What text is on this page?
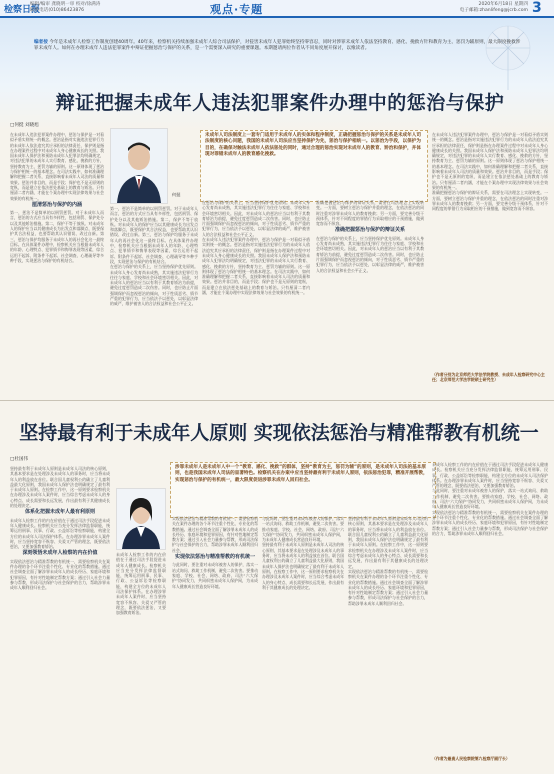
检察日报
编辑/编审 龚晓明一审 校对/徐满涛
联系电话(010)86423876	观点·专题	2020年6月18日 星期四
电子邮箱:zhanlifeng@jcrb.com 3
编者按 今年是未成年人检察工作制度创建40周年。40年来，检察机关持续加强未成年人综合司法保护，对侵害未成年人犯罪始终坚持零容忍，同时对涉罪未成年人依法坚持教育、感化、挽救方针和教育为主、惩罚为辅原则，最大限度挽救涉罪未成年人。如何在办理未成年人违法犯罪案件中辩证把握惩治与保护的关系，是一个需要深入研究的重要课题。本期邀请两位作者从不同角度展开探讨，以飨读者。
辩证把握未成年人违法犯罪案件办理中的惩治与保护
□何挺 刘晓旭
何挺
未成年人司法制度上一套专门适用于未成年人的实体和程序制度，正确把握惩治与保护的关系是未成年人司法制度的核心问题，我国的未成年人司法应当坚持保护为先，惩治与保护相统一。以惩治为手段，以保护为目的，在确保对触法未成年人依法惩处的同时，通过合理的惩治实现对未成年人的教育、矫治和保护，并体现对罪错未成年人的教育感化挽救。
在未成年人违法犯罪案件办理中，惩治与保护是一对看似矛盾实则统一的概念。惩治是指对实施违法犯罪行为的未成年人依法追究其应承担的法律责任，保护则是指在办理案件过程中对未成年人身心健康成长的关照。我国未成年人保护法和预防未成年人犯罪法均明确规定，对违法犯罪的未成年人实行教育、感化、挽救的方针，坚持教育为主、惩罚为辅的原则。这一原则体现了惩治与保护相统一的基本理念。在司法实践中，如何准确理解和把握二者关系，直接影响着未成年人司法的质量和效果。惩治并非目的，而是手段；保护也不是无原则的宽纵，而是建立在依法惩处基础上的教育与矫治。只有厘清二者内涵，才能在个案办理中实现法律效果与社会效果的有机统一。
厘清惩治与保护的内涵
第一，惩治不是简单的以刑罚惩罚。对于未成年人而言，惩治的方式应当具有多样性，包括刑罚、保护处分以及其他矫治措施。第二，保护不等于放纵。对未成年人的保护应当以其健康成长为出发点和落脚点，既要保护其合法权益，也要帮助其认识错误、改过自新。第三，惩治与保护均服务于未成年人的再社会化这一最终目标。在具体案件办理中，检察机关应当根据未成年人的年龄、心理特点、犯罪情节和悔罪表现等因素，综合运用不起诉、附条件不起诉、社会调查、心理疏导等多种手段，实现惩治与保护的有机结合。
第一，惩治不是简单的以刑罚惩罚。对于未成年人而言，惩治的方式应当具有多样性，包括刑罚、保护处分以及其他矫治措施。第二，保护不等于放纵。对未成年人的保护应当以其健康成长为出发点和落脚点，既要保护其合法权益，也要帮助其认识错误、改过自新。第三，惩治与保护均服务于未成年人的再社会化这一最终目标。在具体案件办理中，检察机关应当根据未成年人的年龄、心理特点、犯罪情节和悔罪表现等因素，综合运用不起诉、附条件不起诉、社会调查、心理疏导等多种手段，实现惩治与保护的有机结合。
在惩治与保护的关系上，应当坚持保护优先原则。未成年人身心发育尚未成熟，其实施违法犯罪行为往往与家庭、学校和社会环境密切相关。因此，对未成年人的惩治应当以有利于其教育矫治为前提，避免过度惩罚造成二次伤害。同时，也应防止片面强调保护而忽视惩治的倾向，对于性质恶劣、情节严重的犯罪行为，应当依法予以惩处，以彰显法律的威严，维护被害人的合法权益和社会公平正义。
在惩治与保护的关系上，应当坚持保护优先原则。未成年人身心发育尚未成熟，其实施违法犯罪行为往往与家庭、学校和社会环境密切相关。因此，对未成年人的惩治应当以有利于其教育矫治为前提，避免过度惩罚造成二次伤害。同时，也应防止片面强调保护而忽视惩治的倾向，对于性质恶劣、情节严重的犯罪行为，应当依法予以惩处，以彰显法律的威严，维护被害人的合法权益和社会公平正义。
在未成年人违法犯罪案件办理中，惩治与保护是一对看似矛盾实则统一的概念。惩治是指对实施违法犯罪行为的未成年人依法追究其应承担的法律责任，保护则是指在办理案件过程中对未成年人身心健康成长的关照。我国未成年人保护法和预防未成年人犯罪法均明确规定，对违法犯罪的未成年人实行教育、感化、挽救的方针，坚持教育为主、惩罚为辅的原则。这一原则体现了惩治与保护相统一的基本理念。在司法实践中，如何准确理解和把握二者关系，直接影响着未成年人司法的质量和效果。惩治并非目的，而是手段；保护也不是无原则的宽纵，而是建立在依法惩处基础上的教育与矫治。只有厘清二者内涵，才能在个案办理中实现法律效果与社会效果的有机统一。
准确把握惩治与保护的辩证关系，需要在司法理念上实现转变。一方面，要树立惩治与保护并重的理念，在依法惩治的同时注重对涉罪未成年人的教育挽救；另一方面，要完善分级干预体系，针对不同程度的罪错行为采取相应的干预措施，做到宽容而不纵容。
准确把握惩治与保护的辩证关系
在惩治与保护的关系上，应当坚持保护优先原则。未成年人身心发育尚未成熟，其实施违法犯罪行为往往与家庭、学校和社会环境密切相关。因此，对未成年人的惩治应当以有利于其教育矫治为前提，避免过度惩罚造成二次伤害。同时，也应防止片面强调保护而忽视惩治的倾向，对于性质恶劣、情节严重的犯罪行为，应当依法予以惩处，以彰显法律的威严，维护被害人的合法权益和社会公平正义。
在未成年人违法犯罪案件办理中，惩治与保护是一对看似矛盾实则统一的概念。惩治是指对实施违法犯罪行为的未成年人依法追究其应承担的法律责任，保护则是指在办理案件过程中对未成年人身心健康成长的关照。我国未成年人保护法和预防未成年人犯罪法均明确规定，对违法犯罪的未成年人实行教育、感化、挽救的方针，坚持教育为主、惩罚为辅的原则。这一原则体现了惩治与保护相统一的基本理念。在司法实践中，如何准确理解和把握二者关系，直接影响着未成年人司法的质量和效果。惩治并非目的，而是手段；保护也不是无原则的宽纵，而是建立在依法惩处基础上的教育与矫治。只有厘清二者内涵，才能在个案办理中实现法律效果与社会效果的有机统一。
准确把握惩治与保护的辩证关系，需要在司法理念上实现转变。一方面，要树立惩治与保护并重的理念，在依法惩治的同时注重对涉罪未成年人的教育挽救；另一方面，要完善分级干预体系，针对不同程度的罪错行为采取相应的干预措施，做到宽容而不纵容。
（作者分别为北京师范大学法学院教授、未成年人检察研究中心主任；北京师范大学法学院硕士研究生）
坚持最有利于未成年人原则 实现依法惩治与精准帮教有机统一
□杜国伟
涉罪未成年人是未成年人中一个“教育、感化、挽救”的群体，坚持“教育为主，惩罚为辅”的原则，是未成年人司法的基本原则，也是我国未成年人司法的显著特色。检察机关在办案中应当坚持最有利于未成年人原则，依法惩治犯罪，精准开展帮教，实现惩治与保护的有机统一，最大限度促进涉罪未成年人回归社会。
坚持最有利于未成年人原则是未成年人司法的核心原则，其基本要求是在处理涉及未成年人的事务时，应当将未成年人的利益放在首位。联合国儿童权利公约确立了儿童利益最大化原则，我国未成年人保护法也明确规定了最有利于未成年人原则。在检察工作中，这一原则要求检察机关在办理涉及未成年人案件时，应当综合考虑未成年人的身心特点、成长需要和长远发展，作出最有利于其健康成长的处理决定。
体系化把握未成年人最有利原则
未成年人检察工作的内在价值在于通过司法手段促进未成年人健康成长。检察机关应当充分发挥法律监督职能，统筹运用刑事、民事、行政、公益诉讼等检察职能，构建全方位的未成年人司法保护体系。在办理涉罪未成年人案件时，应当坚持宽容不纵容、关爱又严管的理念，既要依法惩治，又要加强教育矫治。
深刻领悟未成年人检察的内在价值
实现依法惩治与精准帮教的有机统一，需要检察机关在案件办理的各个环节注重个性化、专业化的帮教措施。通过社会调查全面了解涉罪未成年人的成长经历、家庭环境和犯罪原因，有针对性地制定帮教方案；通过引入社会力量参与帮教，形成司法保护与社会保护的合力，帮助涉罪未成年人顺利回归社会。
未成年人检察工作的内在价值在于通过司法手段促进未成年人健康成长。检察机关应当充分发挥法律监督职能，统筹运用刑事、民事、行政、公益诉讼等检察职能，构建全方位的未成年人司法保护体系。在办理涉罪未成年人案件时，应当坚持宽容不纵容、关爱又严管的理念，既要依法惩治，又要加强教育矫治。
实现依法惩治与精准帮教的有机统一，需要检察机关在案件办理的各个环节注重个性化、专业化的帮教措施。通过社会调查全面了解涉罪未成年人的成长经历、家庭环境和犯罪原因，有针对性地制定帮教方案；通过引入社会力量参与帮教，形成司法保护与社会保护的合力，帮助涉罪未成年人顺利回归社会。
实现依法惩治与精准帮教的有机统一
与此同时，要注重对未成年被害人的保护，落实一站式询问、救助工作机制，避免二次伤害。要推动家庭、学校、社会、网络、政府、司法“六大保护”协同发力，共同织密未成年人保护网，为未成年人健康成长营造良好环境。
与此同时，要注重对未成年被害人的保护，落实一站式询问、救助工作机制，避免二次伤害。要推动家庭、学校、社会、网络、政府、司法“六大保护”协同发力，共同织密未成年人保护网，为未成年人健康成长营造良好环境。
坚持最有利于未成年人原则是未成年人司法的核心原则，其基本要求是在处理涉及未成年人的事务时，应当将未成年人的利益放在首位。联合国儿童权利公约确立了儿童利益最大化原则，我国未成年人保护法也明确规定了最有利于未成年人原则。在检察工作中，这一原则要求检察机关在办理涉及未成年人案件时，应当综合考虑未成年人的身心特点、成长需要和长远发展，作出最有利于其健康成长的处理决定。
坚持最有利于未成年人原则是未成年人司法的核心原则，其基本要求是在处理涉及未成年人的事务时，应当将未成年人的利益放在首位。联合国儿童权利公约确立了儿童利益最大化原则，我国未成年人保护法也明确规定了最有利于未成年人原则。在检察工作中，这一原则要求检察机关在办理涉及未成年人案件时，应当综合考虑未成年人的身心特点、成长需要和长远发展，作出最有利于其健康成长的处理决定。
实现依法惩治与精准帮教的有机统一，需要检察机关在案件办理的各个环节注重个性化、专业化的帮教措施。通过社会调查全面了解涉罪未成年人的成长经历、家庭环境和犯罪原因，有针对性地制定帮教方案；通过引入社会力量参与帮教，形成司法保护与社会保护的合力，帮助涉罪未成年人顺利回归社会。
未成年人检察工作的内在价值在于通过司法手段促进未成年人健康成长。检察机关应当充分发挥法律监督职能，统筹运用刑事、民事、行政、公益诉讼等检察职能，构建全方位的未成年人司法保护体系。在办理涉罪未成年人案件时，应当坚持宽容不纵容、关爱又严管的理念，既要依法惩治，又要加强教育矫治。
与此同时，要注重对未成年被害人的保护，落实一站式询问、救助工作机制，避免二次伤害。要推动家庭、学校、社会、网络、政府、司法“六大保护”协同发力，共同织密未成年人保护网，为未成年人健康成长营造良好环境。
实现依法惩治与精准帮教的有机统一，需要检察机关在案件办理的各个环节注重个性化、专业化的帮教措施。通过社会调查全面了解涉罪未成年人的成长经历、家庭环境和犯罪原因，有针对性地制定帮教方案；通过引入社会力量参与帮教，形成司法保护与社会保护的合力，帮助涉罪未成年人顺利回归社会。
（作者为最高人民检察院第九检察厅副厅长）
